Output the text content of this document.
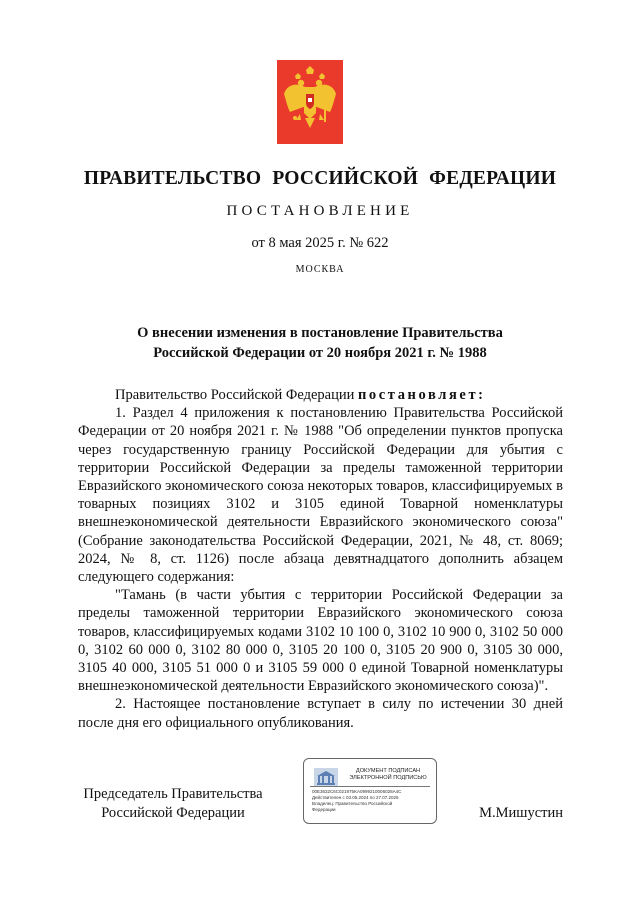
ПРАВИТЕЛЬСТВО РОССИЙСКОЙ ФЕДЕРАЦИИ
ПОСТАНОВЛЕНИЕ
от 8 мая 2025 г. № 622
МОСКВА
О внесении изменения в постановление Правительства
Российской Федерации от 20 ноября 2021 г. № 1988

Правительство Российской Федерации постановляет:

1. Раздел 4 приложения к постановлению Правительства Российской Федерации от 20 ноября 2021 г. № 1988 "Об определении пунктов пропуска через государственную границу Российской Федерации для убытия с территории Российской Федерации за пределы таможенной территории Евразийского экономического союза некоторых товаров, классифицируемых в товарных позициях 3102 и 3105 единой Товарной номенклатуры внешнеэкономической деятельности Евразийского экономического союза" (Собрание законодательства Российской Федерации, 2021, № 48, ст. 8069; 2024, № 8, ст. 1126) после абзаца девятнадцатого дополнить абзацем следующего содержания:

"Тамань (в части убытия с территории Российской Федерации за пределы таможенной территории Евразийского экономического союза товаров, классифицируемых кодами 3102 10 100 0, 3102 10 900 0, 3102 50 000 0, 3102 60 000 0, 3102 80 000 0, 3105 20 100 0, 3105 20 900 0, 3105 30 000, 3105 40 000, 3105 51 000 0 и 3105 59 000 0 единой Товарной номенклатуры внешнеэкономической деятельности Евразийского экономического союза)".

2. Настоящее постановление вступает в силу по истечении 30 дней после дня его официального опубликования.

Председатель Правительства
Российской Федерации
ДОКУМЕНТ ПОДПИСАН
ЭЛЕКТРОННОЙ ПОДПИСЬЮ
00E3632C6C021975KA0999210006028A4C
Действителен с 03.05.2024 по 27.07.2025
Владелец: Правительство Российской
Федерации	М.Мишустин
